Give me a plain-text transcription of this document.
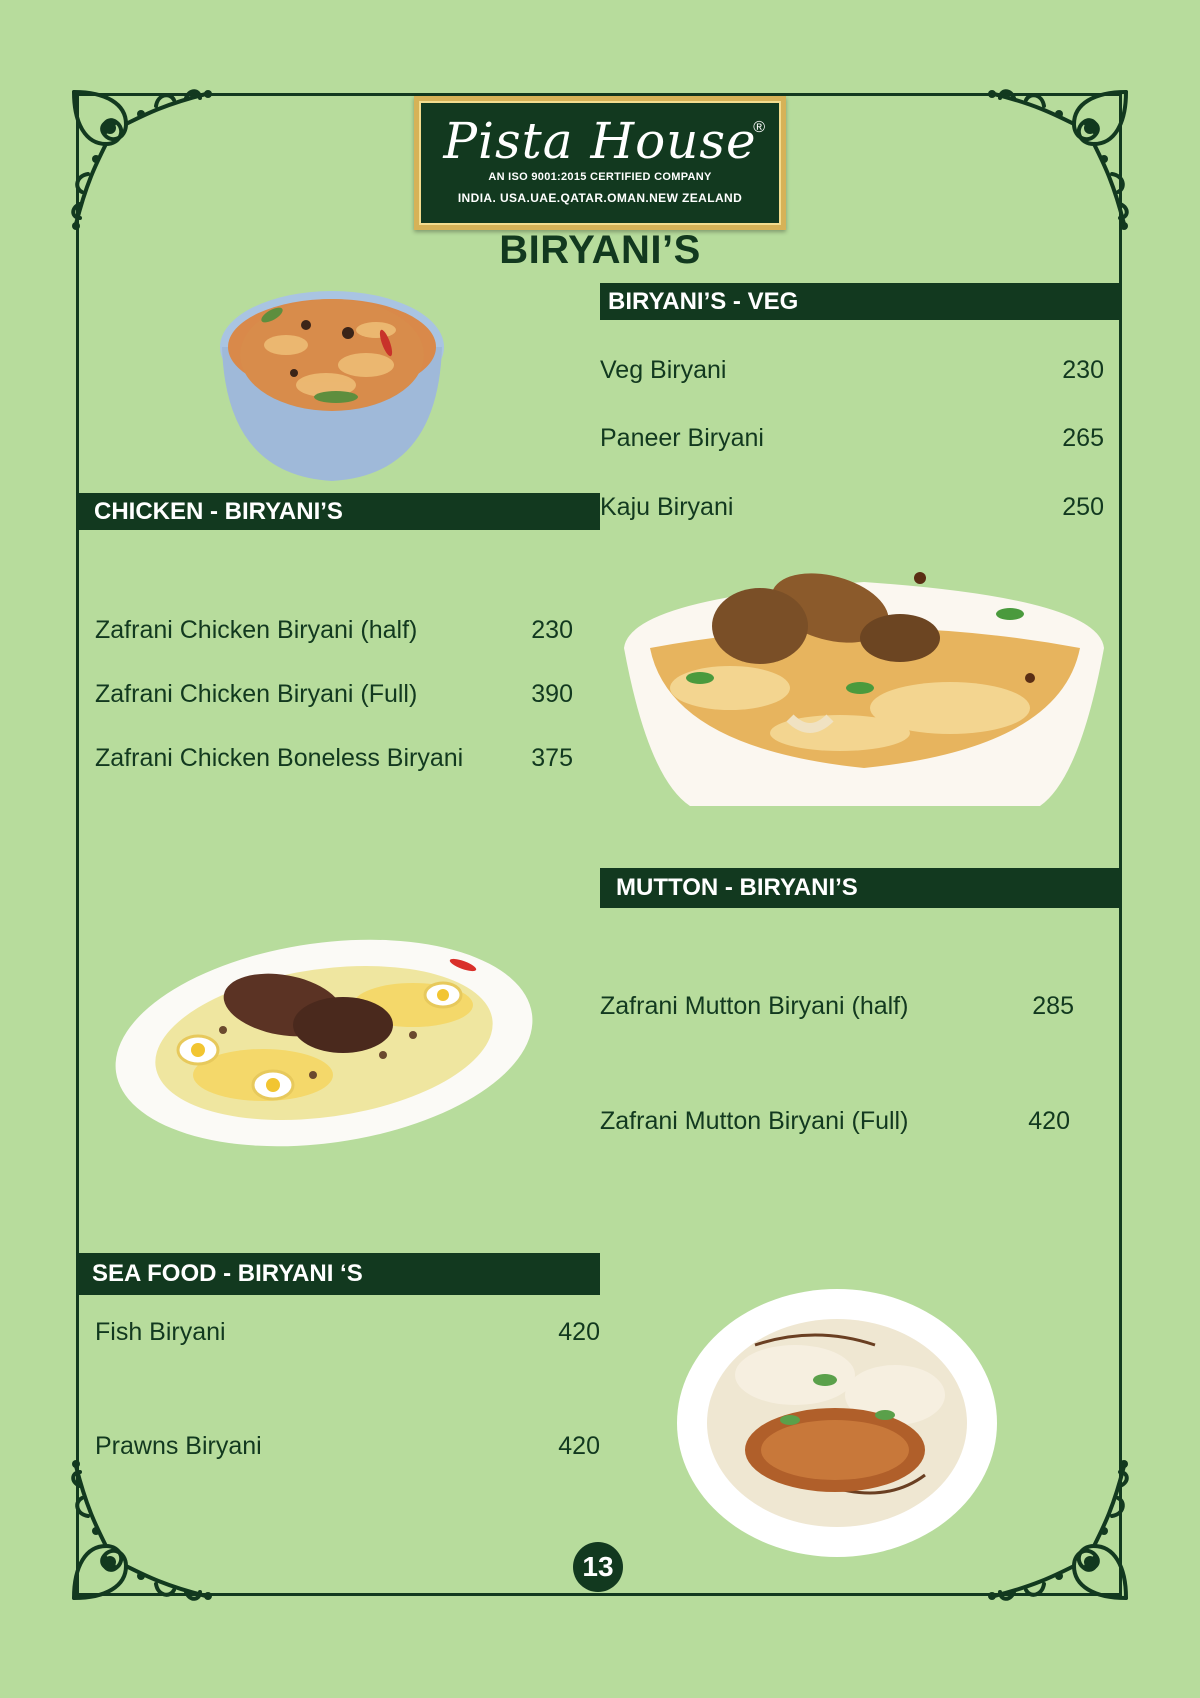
Pista House
®
AN ISO 9001:2015 CERTIFIED COMPANY
INDIA. USA.UAE.QATAR.OMAN.NEW ZEALAND
BIRYANI’S
BIRYANI’S - VEG
Veg Biryani	230
Paneer Biryani	265
Kaju Biryani	250
CHICKEN - BIRYANI’S
Zafrani Chicken Biryani (half)	230
Zafrani Chicken Biryani (Full)	390
Zafrani Chicken Boneless Biryani	375
MUTTON - BIRYANI’S
Zafrani Mutton Biryani (half)	285
Zafrani Mutton Biryani (Full)	420
SEA FOOD - BIRYANI ‘S
Fish Biryani	420
Prawns Biryani	420
13
